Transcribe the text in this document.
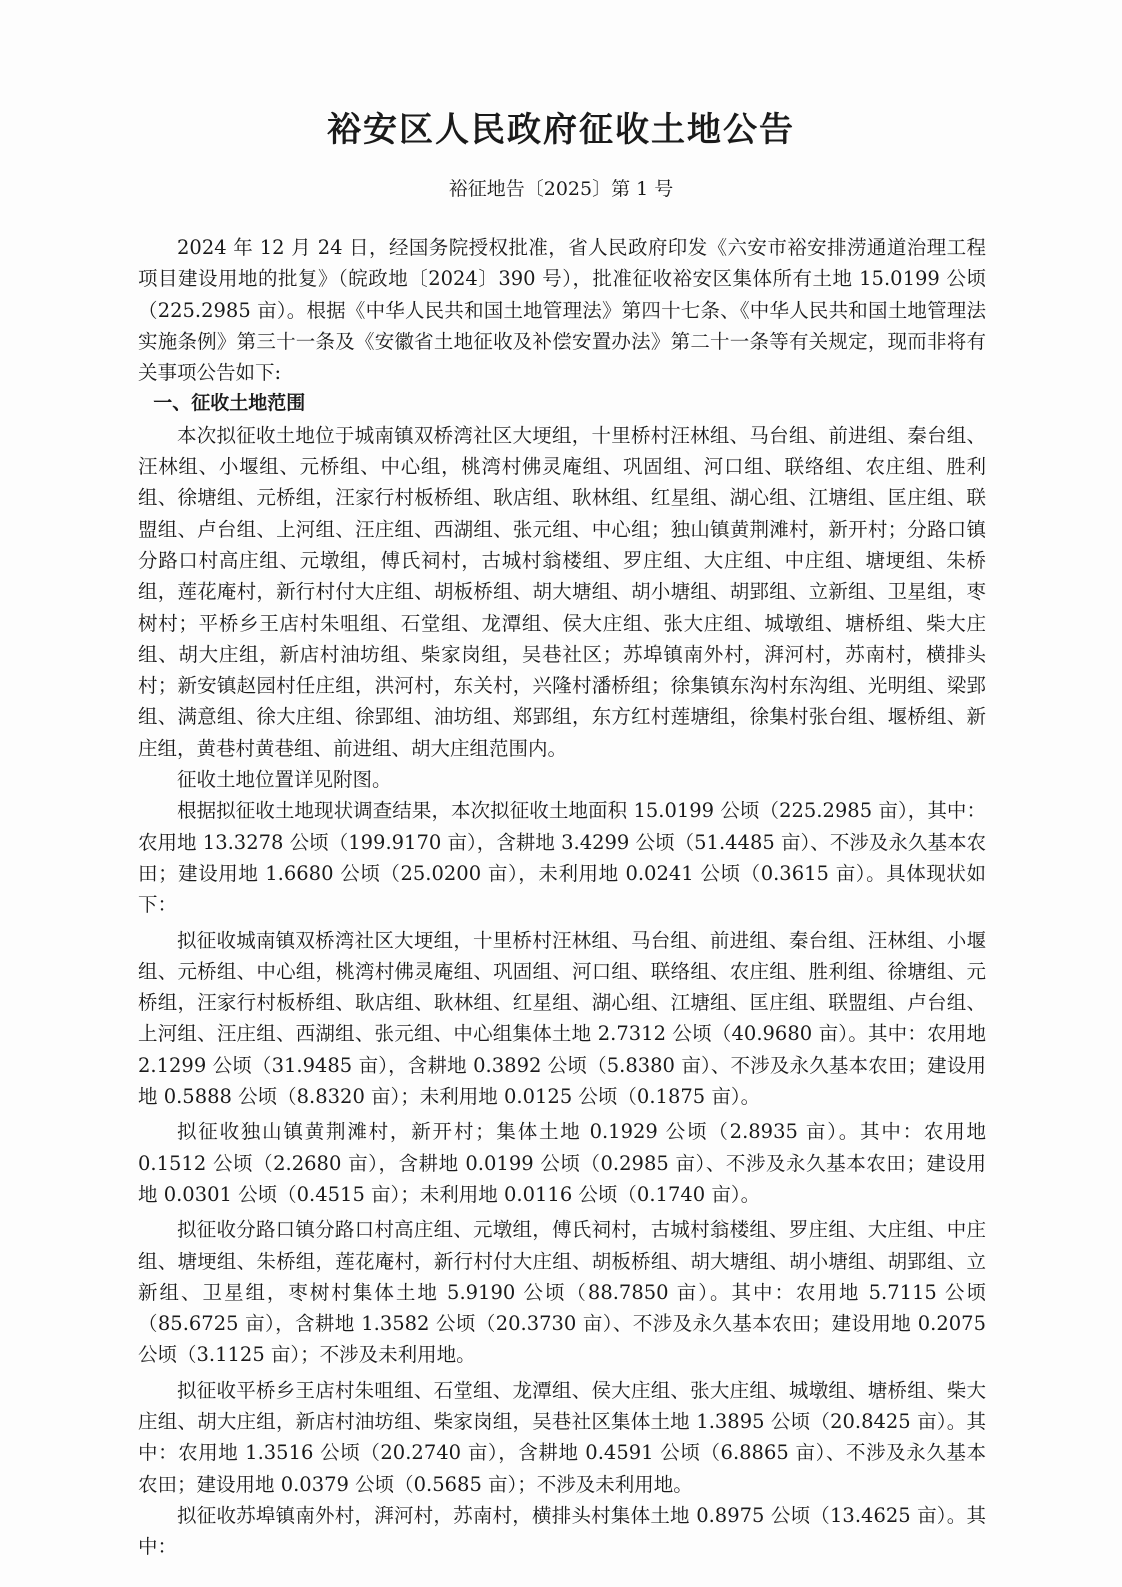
裕安区人民政府征收土地公告
裕征地告〔2025〕第 1 号

2024 年 12 月 24 日，经国务院授权批准，省人民政府印发《六安市裕安排涝通道治理工程项目建设用地的批复》（皖政地〔2024〕390 号），批准征收裕安区集体所有土地 15.0199 公顷（225.2985 亩）。根据《中华人民共和国土地管理法》第四十七条、《中华人民共和国土地管理法实施条例》第三十一条及《安徽省土地征收及补偿安置办法》第二十一条等有关规定，现而非将有关事项公告如下:

一、征收土地范围

本次拟征收土地位于城南镇双桥湾社区大埂组，十里桥村汪林组、马台组、前进组、秦台组、汪林组、小堰组、元桥组、中心组，桃湾村佛灵庵组、巩固组、河口组、联络组、农庄组、胜利组、徐塘组、元桥组，汪家行村板桥组、耿店组、耿林组、红星组、湖心组、江塘组、匡庄组、联盟组、卢台组、上河组、汪庄组、西湖组、张元组、中心组；独山镇黄荆滩村，新开村；分路口镇分路口村高庄组、元墩组，傅氏祠村，古城村翁楼组、罗庄组、大庄组、中庄组、塘埂组、朱桥组，莲花庵村，新行村付大庄组、胡板桥组、胡大塘组、胡小塘组、胡郢组、立新组、卫星组，枣树村；平桥乡王店村朱咀组、石堂组、龙潭组、侯大庄组、张大庄组、城墩组、塘桥组、柴大庄组、胡大庄组，新店村油坊组、柴家岗组，吴巷社区；苏埠镇南外村，湃河村，苏南村，横排头村；新安镇赵园村任庄组，洪河村，东关村，兴隆村潘桥组；徐集镇东沟村东沟组、光明组、梁郢组、满意组、徐大庄组、徐郢组、油坊组、郑郢组，东方红村莲塘组，徐集村张台组、堰桥组、新庄组，黄巷村黄巷组、前进组、胡大庄组范围内。

征收土地位置详见附图。

根据拟征收土地现状调查结果，本次拟征收土地面积 15.0199 公顷（225.2985 亩），其中：农用地 13.3278 公顷（199.9170 亩），含耕地 3.4299 公顷（51.4485 亩）、不涉及永久基本农田；建设用地 1.6680 公顷（25.0200 亩），未利用地 0.0241 公顷（0.3615 亩）。具体现状如下：

拟征收城南镇双桥湾社区大埂组，十里桥村汪林组、马台组、前进组、秦台组、汪林组、小堰组、元桥组、中心组，桃湾村佛灵庵组、巩固组、河口组、联络组、农庄组、胜利组、徐塘组、元桥组，汪家行村板桥组、耿店组、耿林组、红星组、湖心组、江塘组、匡庄组、联盟组、卢台组、上河组、汪庄组、西湖组、张元组、中心组集体土地 2.7312 公顷（40.9680 亩）。其中：农用地 2.1299 公顷（31.9485 亩），含耕地 0.3892 公顷（5.8380 亩）、不涉及永久基本农田；建设用地 0.5888 公顷（8.8320 亩）；未利用地 0.0125 公顷（0.1875 亩）。

拟征收独山镇黄荆滩村，新开村；集体土地 0.1929 公顷（2.8935 亩）。其中：农用地 0.1512 公顷（2.2680 亩），含耕地 0.0199 公顷（0.2985 亩）、不涉及永久基本农田；建设用地 0.0301 公顷（0.4515 亩）；未利用地 0.0116 公顷（0.1740 亩）。

拟征收分路口镇分路口村高庄组、元墩组，傅氏祠村，古城村翁楼组、罗庄组、大庄组、中庄组、塘埂组、朱桥组，莲花庵村，新行村付大庄组、胡板桥组、胡大塘组、胡小塘组、胡郢组、立新组、卫星组，枣树村集体土地 5.9190 公顷（88.7850 亩）。其中：农用地 5.7115 公顷（85.6725 亩），含耕地 1.3582 公顷（20.3730 亩）、不涉及永久基本农田；建设用地 0.2075 公顷（3.1125 亩）；不涉及未利用地。

拟征收平桥乡王店村朱咀组、石堂组、龙潭组、侯大庄组、张大庄组、城墩组、塘桥组、柴大庄组、胡大庄组，新店村油坊组、柴家岗组，吴巷社区集体土地 1.3895 公顷（20.8425 亩）。其中：农用地 1.3516 公顷（20.2740 亩），含耕地 0.4591 公顷（6.8865 亩）、不涉及永久基本农田；建设用地 0.0379 公顷（0.5685 亩）；不涉及未利用地。

拟征收苏埠镇南外村，湃河村，苏南村，横排头村集体土地 0.8975 公顷（13.4625 亩）。其中：
